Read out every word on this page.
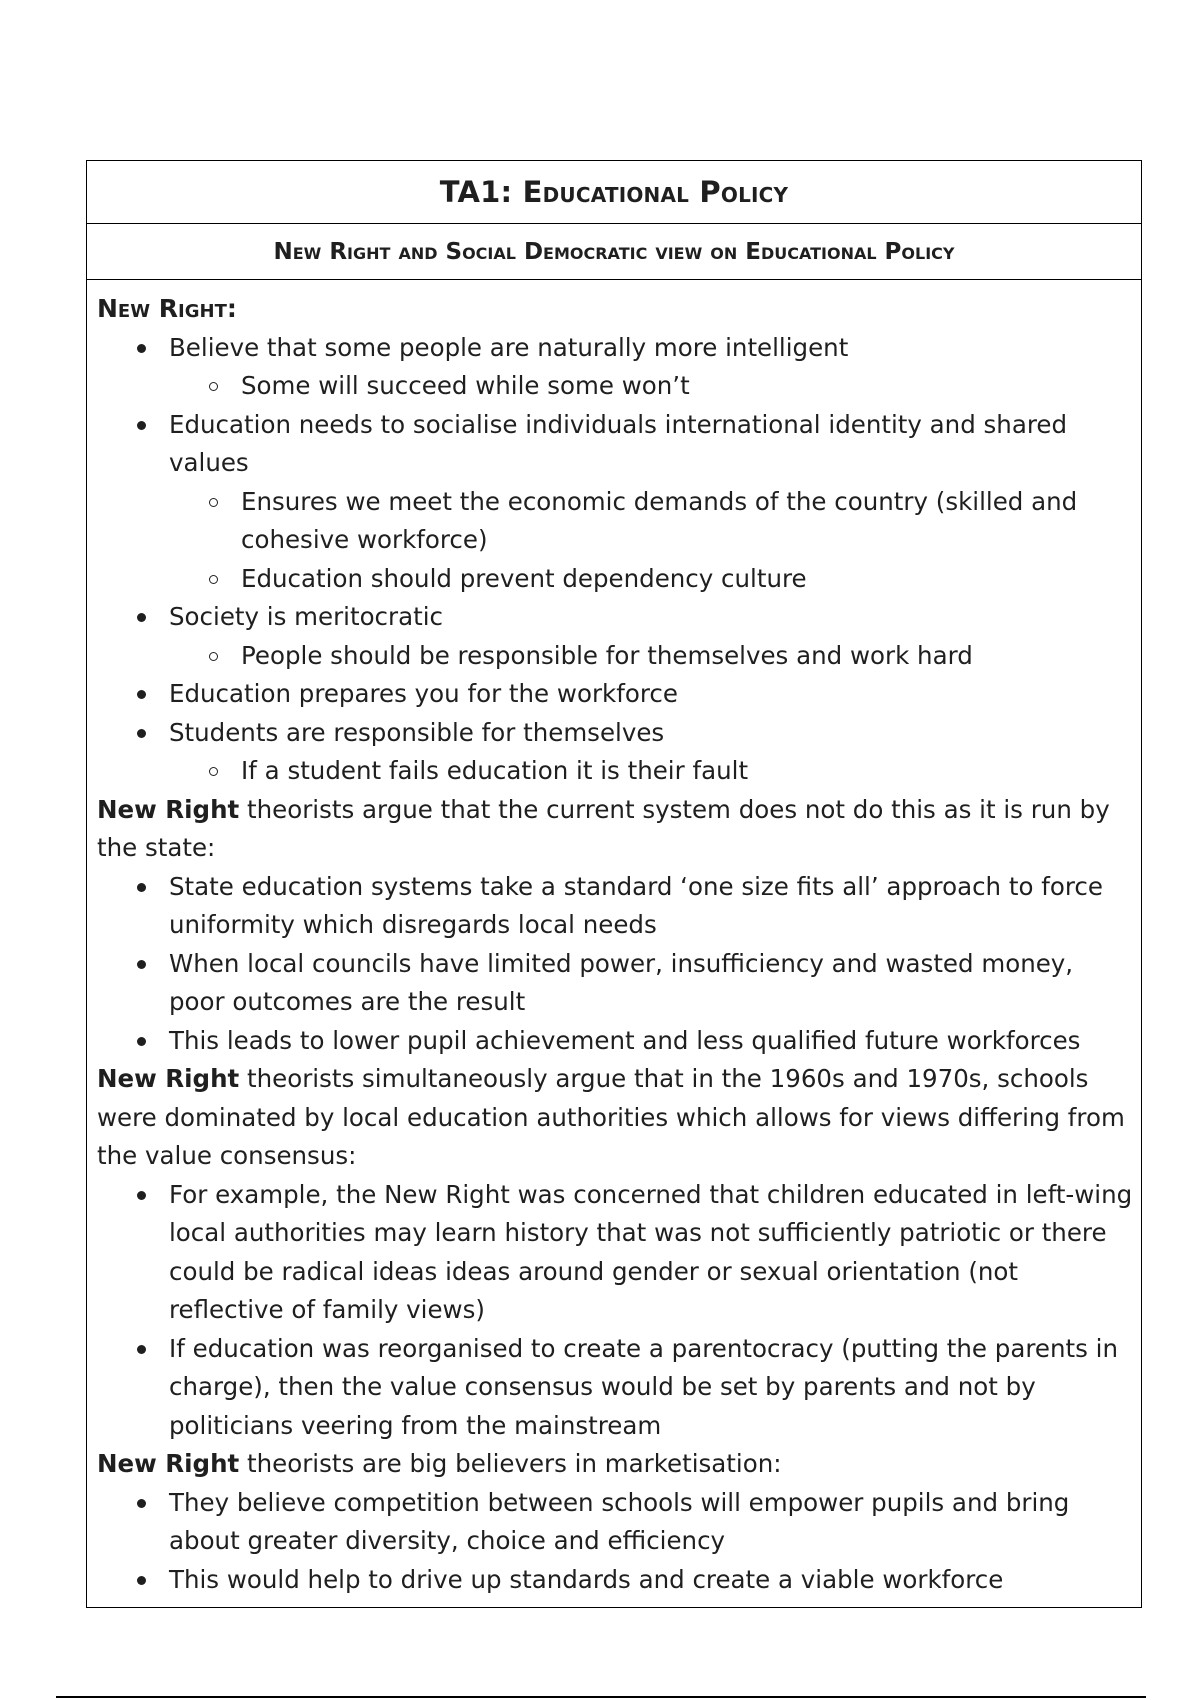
TA1: Educational Policy
New Right and Social Democratic view on Educational Policy
New Right:
Believe that some people are naturally more intelligent
Some will succeed while some won’t
Education needs to socialise individuals international identity and shared values
Ensures we meet the economic demands of the country (skilled and cohesive workforce)
Education should prevent dependency culture
Society is meritocratic
People should be responsible for themselves and work hard
Education prepares you for the workforce
Students are responsible for themselves
If a student fails education it is their fault

New Right theorists argue that the current system does not do this as it is run by the state:

State education systems take a standard ‘one size fits all’ approach to force uniformity which disregards local needs
When local councils have limited power, insufficiency and wasted money, poor outcomes are the result
This leads to lower pupil achievement and less qualified future workforces

New Right theorists simultaneously argue that in the 1960s and 1970s, schools were dominated by local education authorities which allows for views differing from the value consensus:

For example, the New Right was concerned that children educated in left-wing local authorities may learn history that was not sufficiently patriotic or there could be radical ideas ideas around gender or sexual orientation (not reflective of family views)
If education was reorganised to create a parentocracy (putting the parents in charge), then the value consensus would be set by parents and not by politicians veering from the mainstream

New Right theorists are big believers in marketisation:

They believe competition between schools will empower pupils and bring about greater diversity, choice and efficiency
This would help to drive up standards and create a viable workforce
